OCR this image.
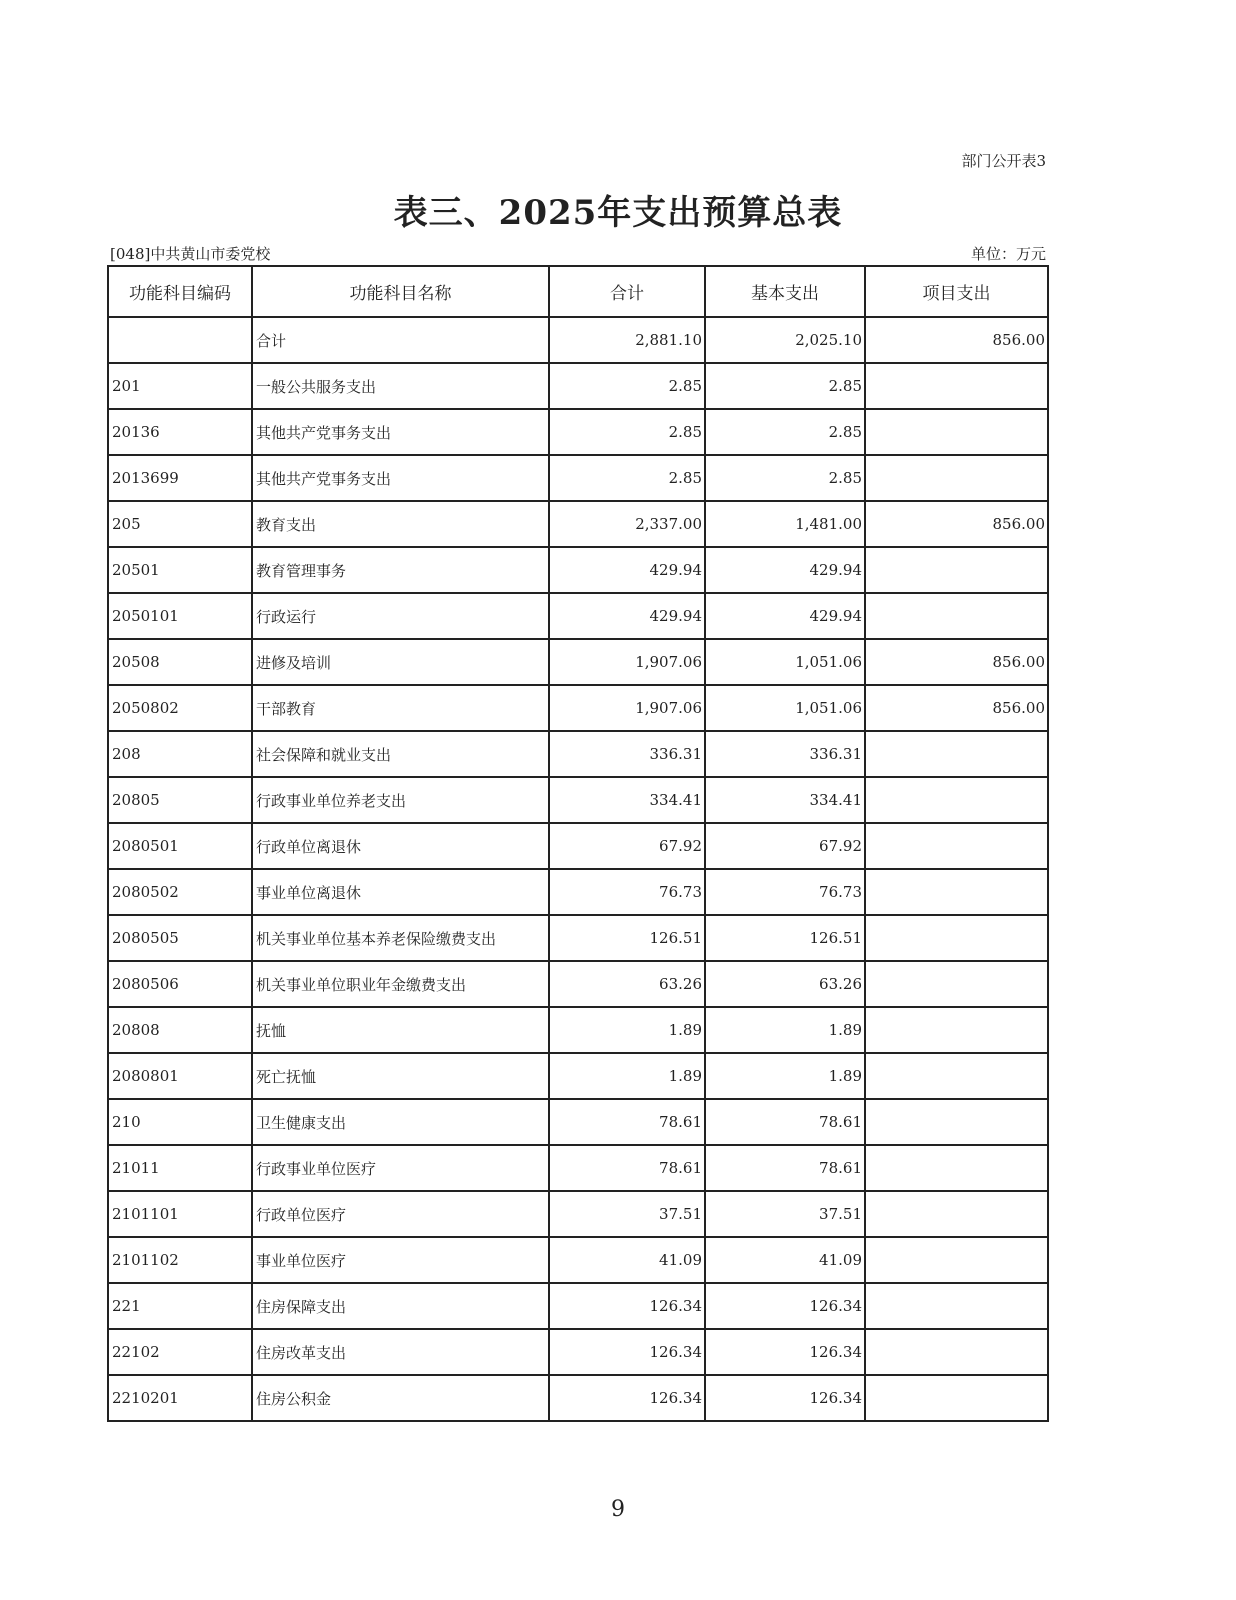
部门公开表3
表三、2025年支出预算总表
[048]中共黄山市委党校	单位：万元
功能科目编码	功能科目名称	合计	基本支出	项目支出
	合计	2,881.10	2,025.10	856.00
201	一般公共服务支出	2.85	2.85	
20136	其他共产党事务支出	2.85	2.85	
2013699	其他共产党事务支出	2.85	2.85	
205	教育支出	2,337.00	1,481.00	856.00
20501	教育管理事务	429.94	429.94	
2050101	行政运行	429.94	429.94	
20508	进修及培训	1,907.06	1,051.06	856.00
2050802	干部教育	1,907.06	1,051.06	856.00
208	社会保障和就业支出	336.31	336.31	
20805	行政事业单位养老支出	334.41	334.41	
2080501	行政单位离退休	67.92	67.92	
2080502	事业单位离退休	76.73	76.73	
2080505	机关事业单位基本养老保险缴费支出	126.51	126.51	
2080506	机关事业单位职业年金缴费支出	63.26	63.26	
20808	抚恤	1.89	1.89	
2080801	死亡抚恤	1.89	1.89	
210	卫生健康支出	78.61	78.61	
21011	行政事业单位医疗	78.61	78.61	
2101101	行政单位医疗	37.51	37.51	
2101102	事业单位医疗	41.09	41.09	
221	住房保障支出	126.34	126.34	
22102	住房改革支出	126.34	126.34	
2210201	住房公积金	126.34	126.34	
9
